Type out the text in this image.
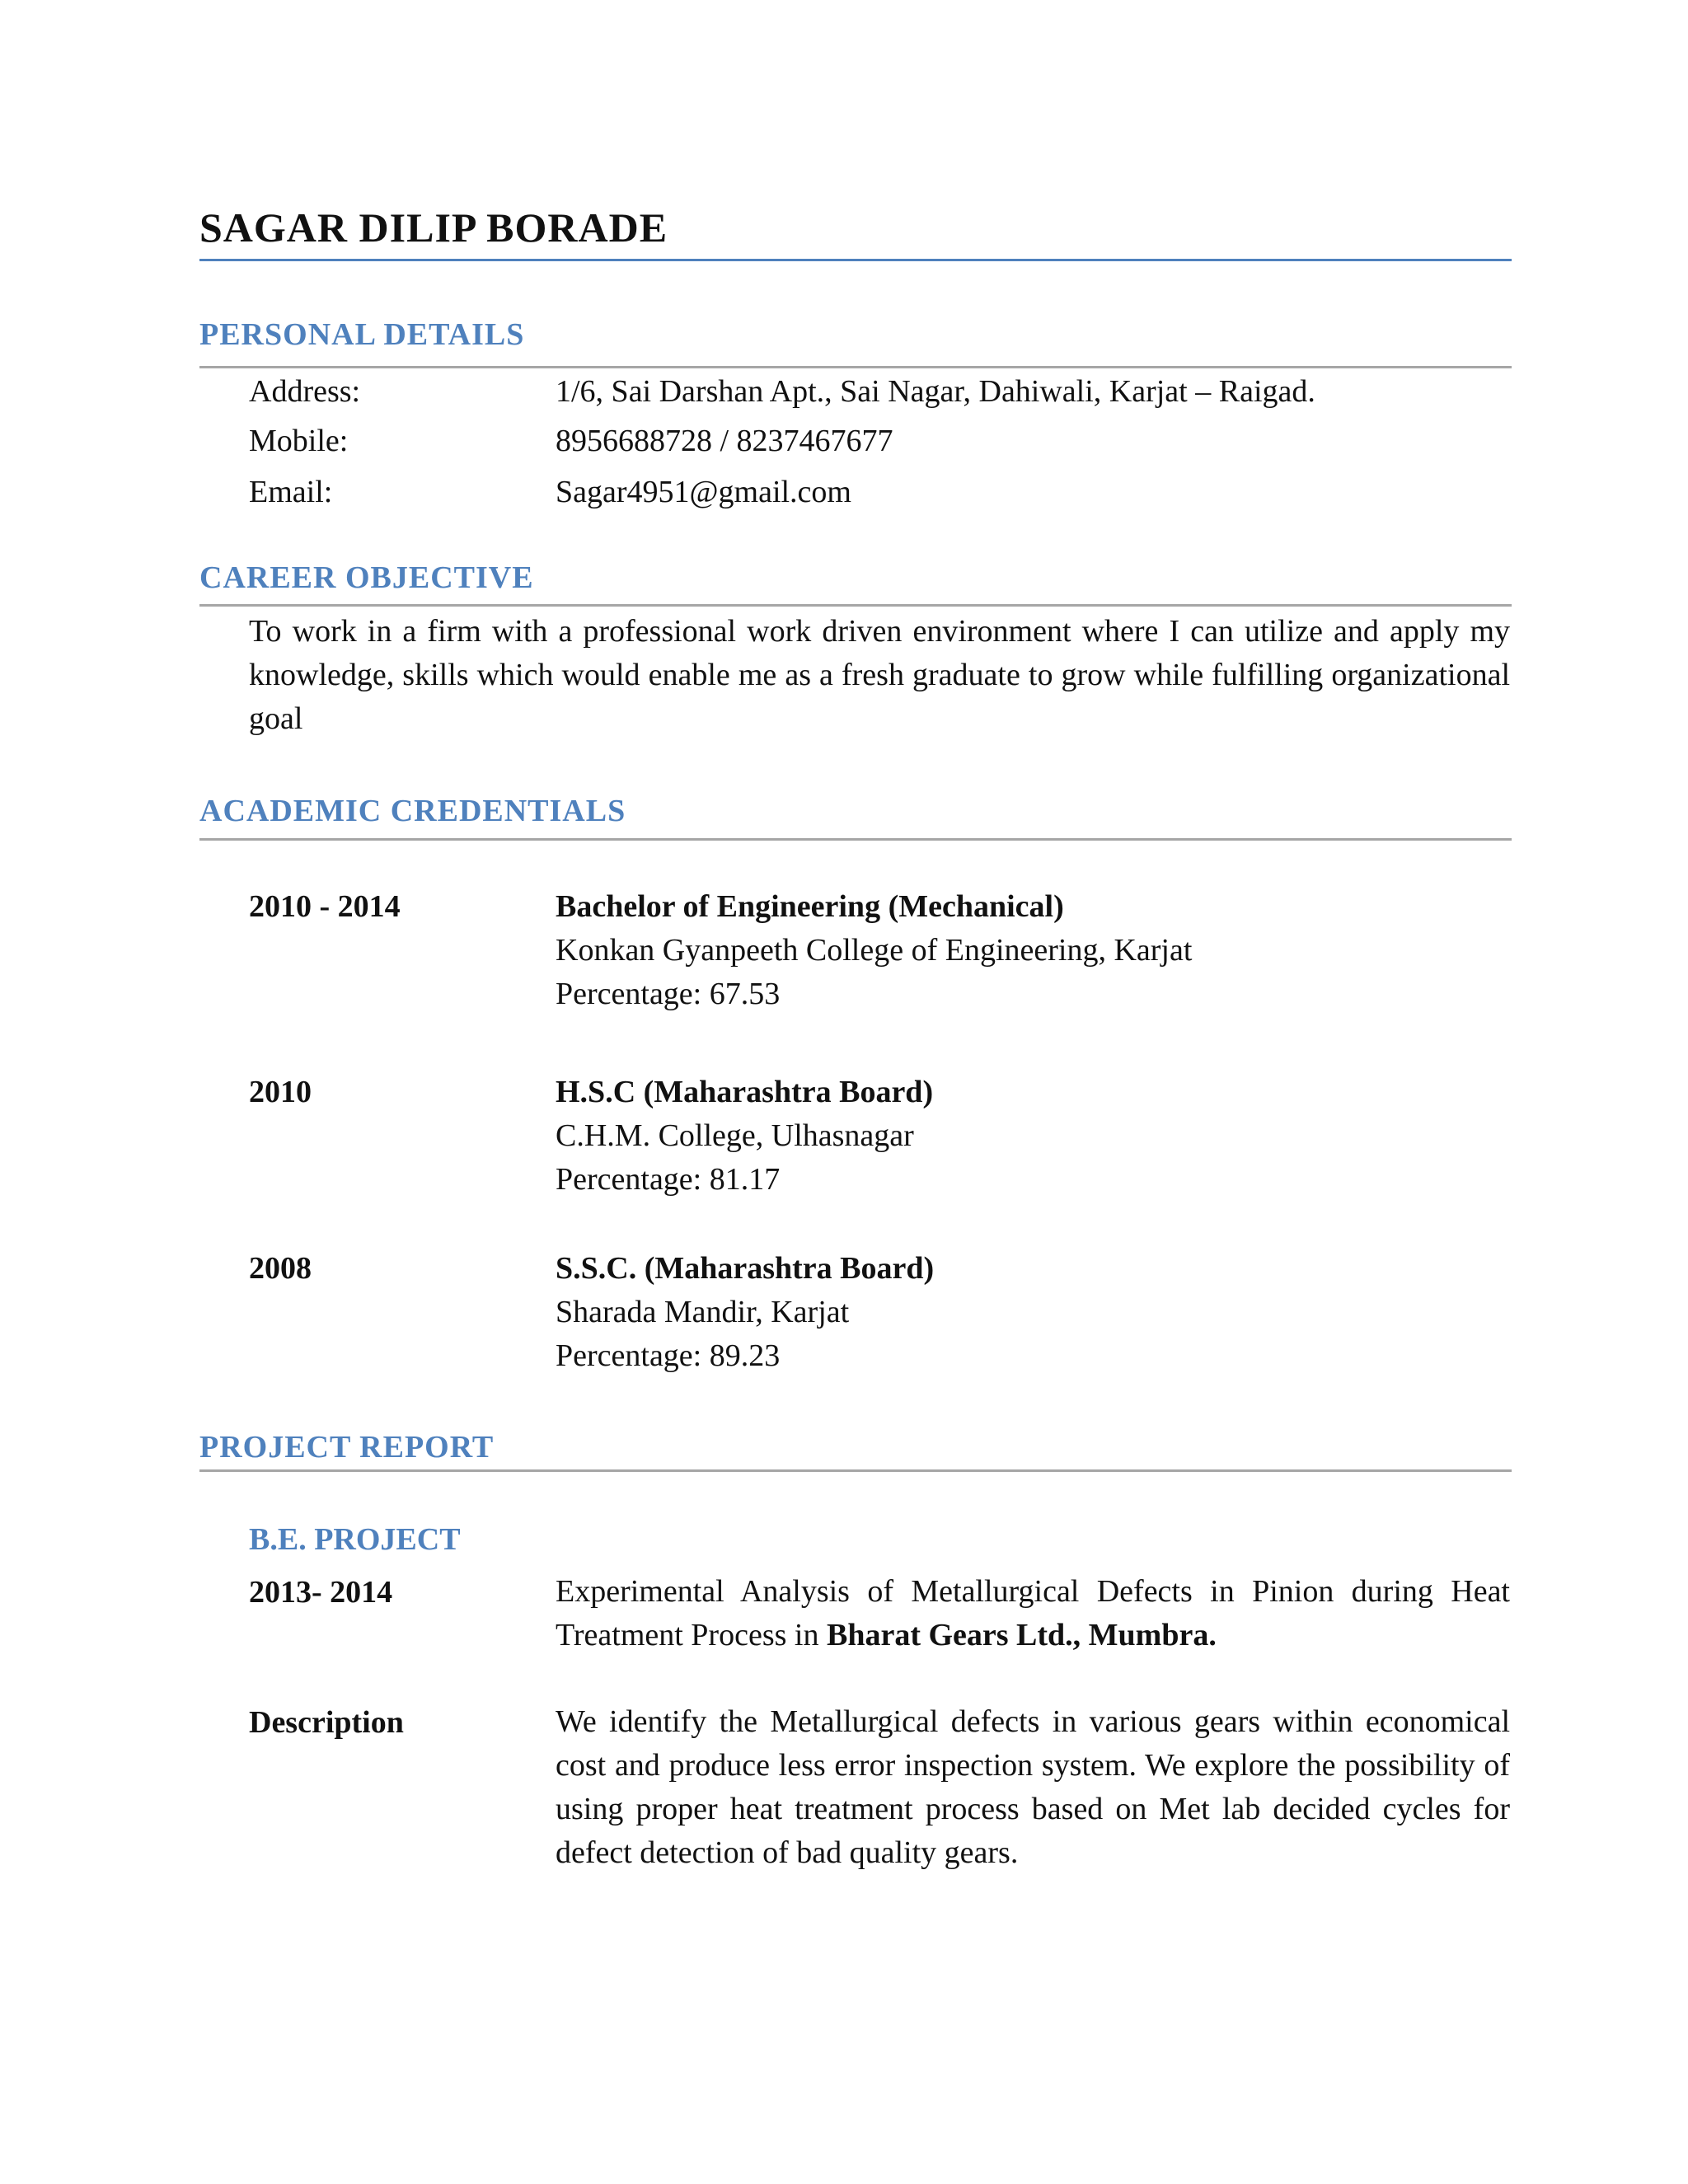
SAGAR DILIP BORADE
PERSONAL DETAILS
Address:	1/6, Sai Darshan Apt., Sai Nagar, Dahiwali, Karjat – Raigad.
Mobile:	8956688728 / 8237467677
Email:	Sagar4951@gmail.com
CAREER OBJECTIVE
To work in a firm with a professional work driven environment where I can utilize and apply my knowledge, skills which would enable me as a fresh graduate to grow while fulfilling organizational goal
ACADEMIC CREDENTIALS
2010 - 2014	Bachelor of Engineering (Mechanical)
Konkan Gyanpeeth College of Engineering, Karjat
Percentage: 67.53
2010	H.S.C (Maharashtra Board)
C.H.M. College, Ulhasnagar
Percentage: 81.17
2008	S.S.C. (Maharashtra Board)
Sharada Mandir, Karjat
Percentage: 89.23
PROJECT REPORT
B.E. PROJECT
2013- 2014	Experimental Analysis of Metallurgical Defects in Pinion during Heat Treatment Process in Bharat Gears Ltd., Mumbra.
Description	We identify the Metallurgical defects in various gears within economical cost and produce less error inspection system. We explore the possibility of using proper heat treatment process based on Met lab decided cycles for defect detection of bad quality gears.
